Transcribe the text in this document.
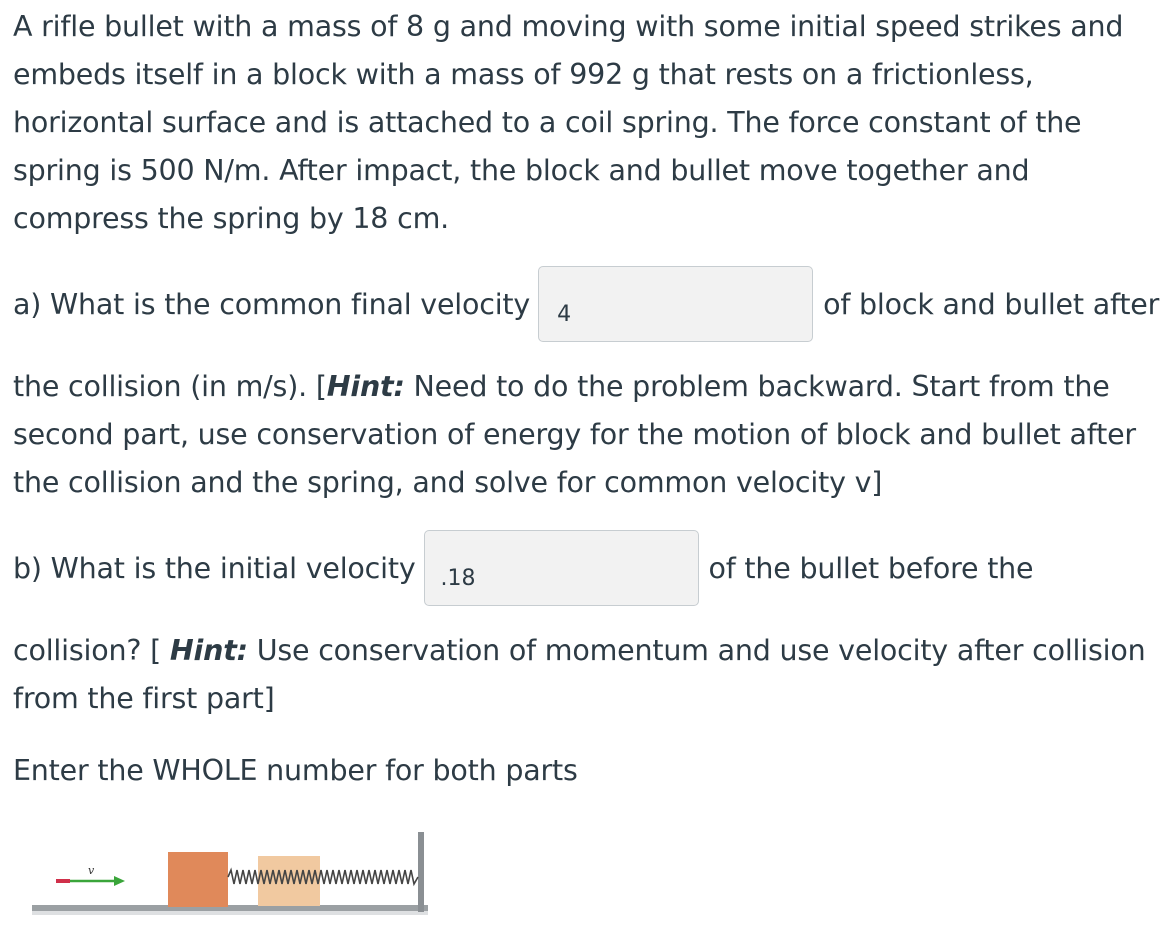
A rifle bullet with a mass of 8 g and moving with some initial speed strikes and embeds itself in a block with a mass of 992 g that rests on a frictionless, horizontal surface and is attached to a coil spring. The force constant of the spring is 500 N/m. After impact, the block and bullet move together and compress the spring by 18 cm.

a) What is the common final velocity
4	of block and bullet after

the collision (in m/s). [Hint: Need to do the problem backward. Start from the second part, use conservation of energy for the motion of block and bullet after the collision and the spring, and solve for common velocity v]

b) What is the initial velocity
.18	of the bullet before the

collision? [ Hint: Use conservation of momentum and use velocity after collision from the first part]

Enter the WHOLE number for both parts

v
